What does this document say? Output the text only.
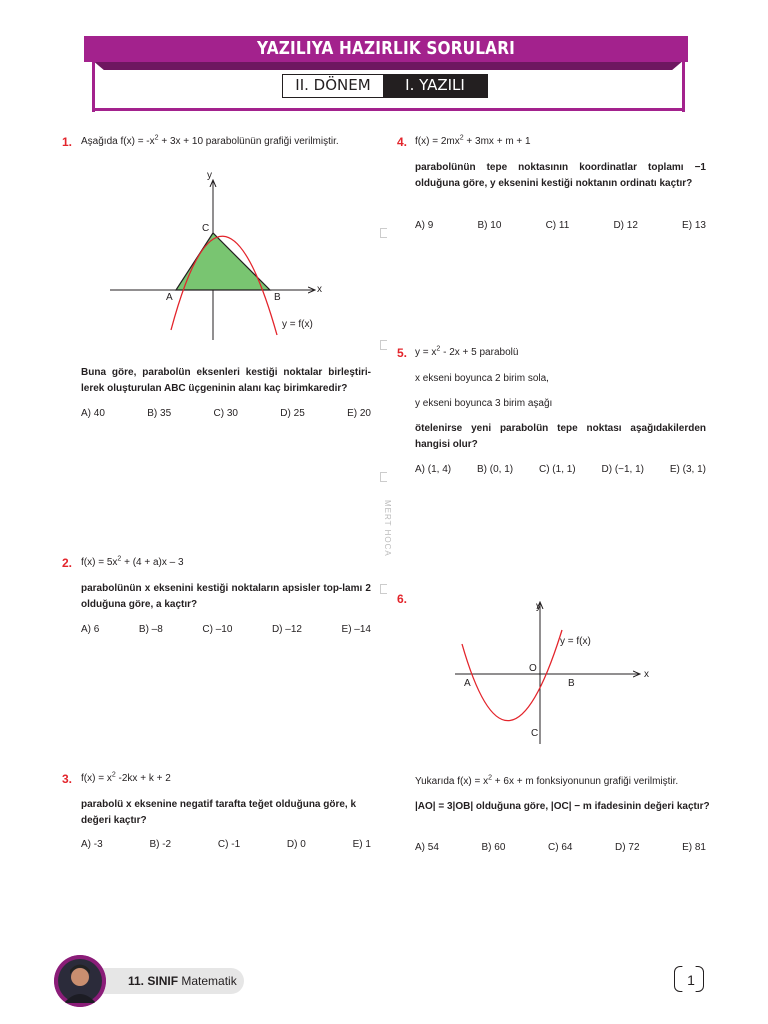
YAZILIYA HAZIRLIK SORULARI
II. DÖNEM	I. YAZILI
MERT HOCA
1. Aşağıda $f(x) = -x^2 + 3x + 10$ parabolünün grafiği verilmiştir.
y
x
C
A	B
y = f(x)
Buna göre, parabolün eksenleri kestiği noktalar birleştiri-lerek oluşturulan ABC üçgeninin alanı kaç birimkaredir?
A) 40	B) 35	C) 30	D) 25	E) 20
2. $f(x) = 5x^2 + (4 + a)x - 3$
parabolünün x eksenini kestiği noktaların apsisler top-lamı 2 olduğuna göre, a kaçtır?
A) 6	B) –8	C) –10	D) –12	E) –14
3. $f(x) = x^2$ -2kx + k + 2
parabolü x eksenine negatif tarafta teğet olduğuna göre, k değeri kaçtır?
A) -3	B) -2	C) -1	D) 0	E) 1
4. $f(x) = 2mx^2 + 3mx + m + 1$
parabolünün tepe noktasının koordinatlar toplamı −1 olduğuna göre, y eksenini kestiği noktanın ordinatı kaçtır?
A) 9	B) 10	C) 11	D) 12	E) 13
5. $y = x^2 - 2x + 5$ parabolü
x ekseni boyunca 2 birim sola,
y ekseni boyunca 3 birim aşağı
ötelenirse yeni parabolün tepe noktası aşağıdakilerden hangisi olur?
A) (1, 4)	B) (0, 1)	C) (1, 1)	D) (−1, 1)	E) (3, 1)
6.
y
x
O
A	B
C
y = f(x)
Yukarıda $f(x) = x^2 + 6x + m$ fonksiyonunun grafiği verilmiştir.
|AO| = 3|OB| olduğuna göre, |OC| − m ifadesinin değeri kaçtır?
A) 54	B) 60	C) 64	D) 72	E) 81
11. SINIF Matematik	1
